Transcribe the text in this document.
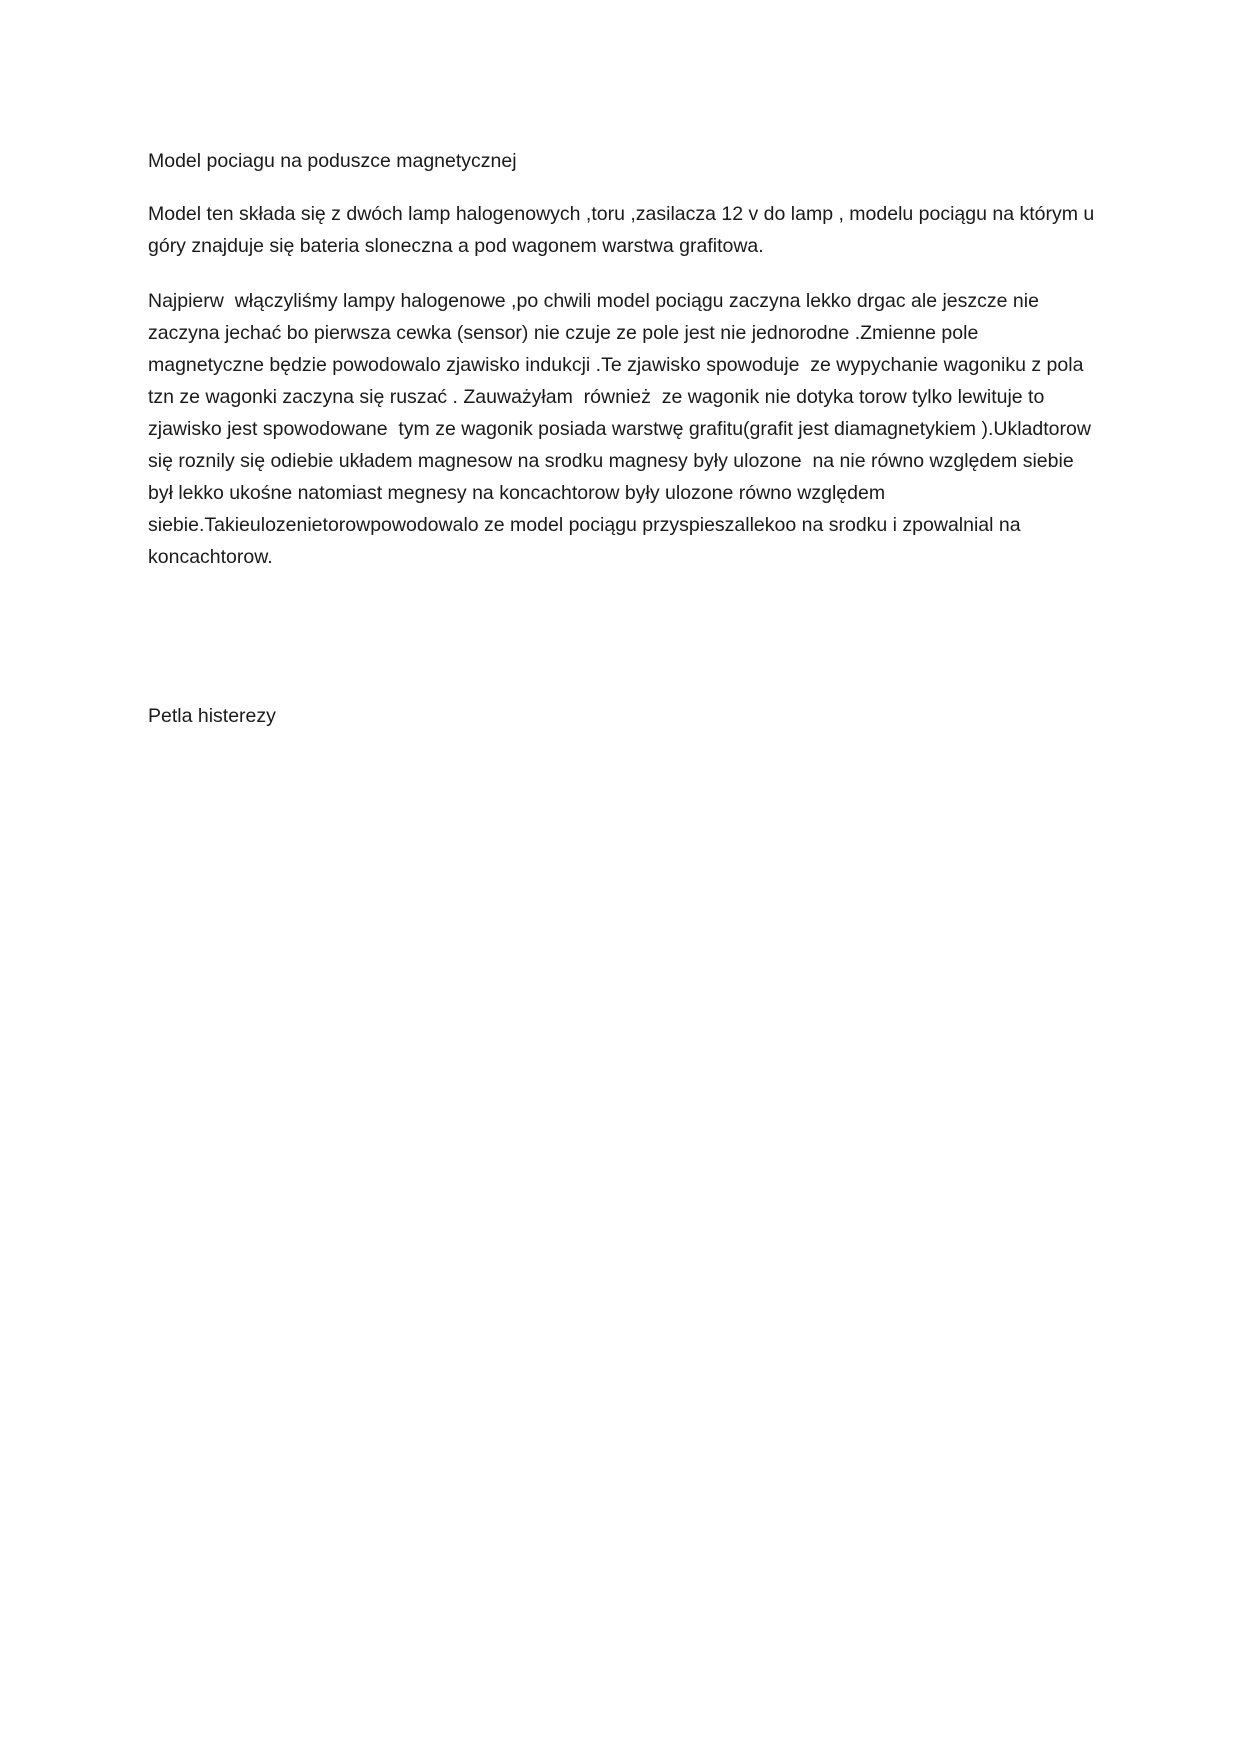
Model pociagu na poduszce magnetycznej

Model ten składa się z dwóch lamp halogenowych ,toru ,zasilacza 12 v do lamp , modelu pociągu na którym u góry znajduje się bateria sloneczna a pod wagonem warstwa grafitowa.

Najpierw  włączyliśmy lampy halogenowe ,po chwili model pociągu zaczyna lekko drgac ale jeszcze nie zaczyna jechać bo pierwsza cewka (sensor) nie czuje ze pole jest nie jednorodne .Zmienne pole magnetyczne będzie powodowalo zjawisko indukcji .Te zjawisko spowoduje  ze wypychanie wagoniku z pola tzn ze wagonki zaczyna się ruszać . Zauważyłam  również  ze wagonik nie dotyka torow tylko lewituje to zjawisko jest spowodowane  tym ze wagonik posiada warstwę grafitu(grafit jest diamagnetykiem ).Ukladtorow się roznily się odiebie układem magnesow na srodku magnesy były ulozone  na nie równo względem siebie był lekko ukośne natomiast megnesy na koncachtorow były ulozone równo względem siebie.Takieulozenietorowpowodowalo ze model pociągu przyspieszallekoo na srodku i zpowalnial na koncachtorow.

Petla histerezy
